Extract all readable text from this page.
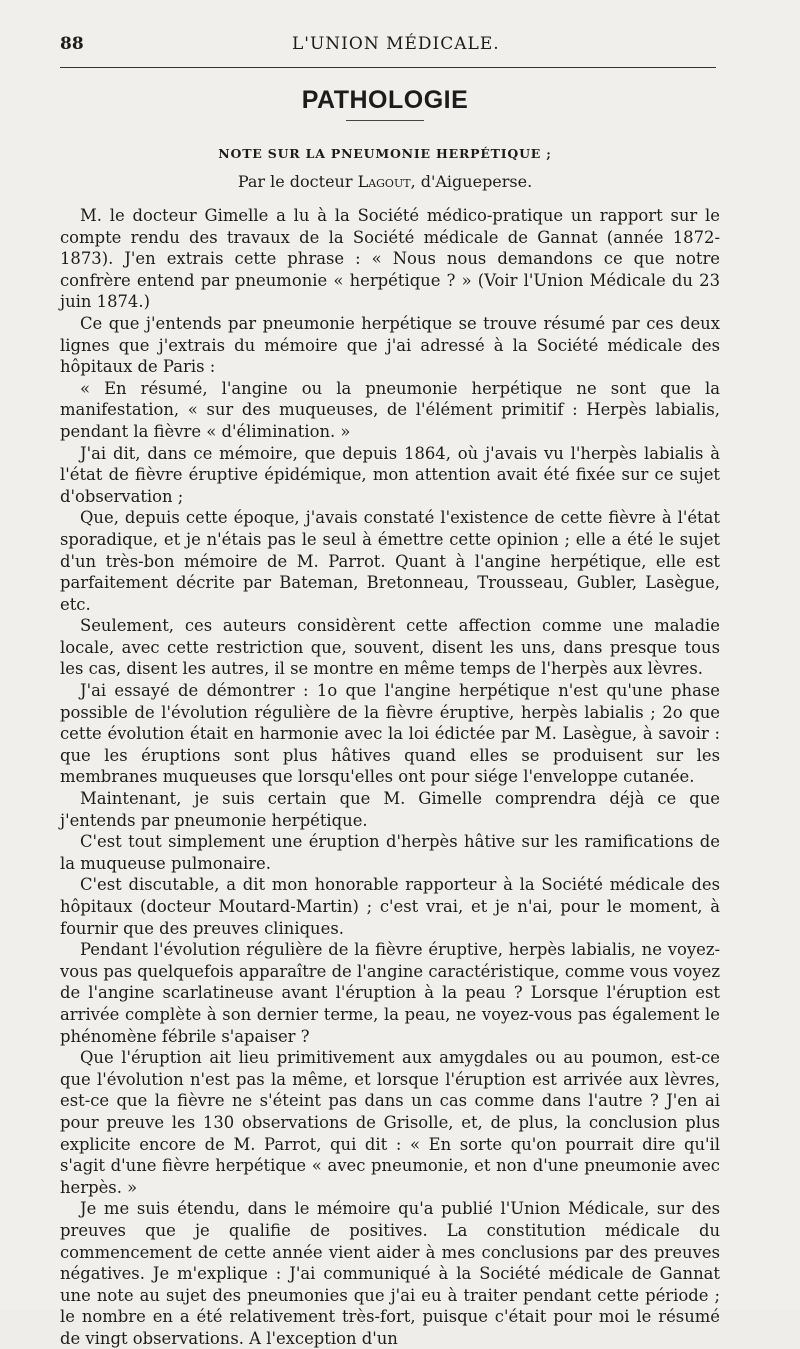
88	L'UNION MÉDICALE.
PATHOLOGIE
NOTE SUR LA PNEUMONIE HERPÉTIQUE ;
Par le docteur Lagout, d'Aigueperse.

M. le docteur Gimelle a lu à la Société médico-pratique un rapport sur le compte rendu des travaux de la Société médicale de Gannat (année 1872-1873). J'en extrais cette phrase : « Nous nous demandons ce que notre confrère entend par pneumonie « herpétique ? » (Voir l'Union Médicale du 23 juin 1874.)

Ce que j'entends par pneumonie herpétique se trouve résumé par ces deux lignes que j'extrais du mémoire que j'ai adressé à la Société médicale des hôpitaux de Paris :

« En résumé, l'angine ou la pneumonie herpétique ne sont que la manifestation, « sur des muqueuses, de l'élément primitif : Herpès labialis, pendant la fièvre « d'élimination. »

J'ai dit, dans ce mémoire, que depuis 1864, où j'avais vu l'herpès labialis à l'état de fièvre éruptive épidémique, mon attention avait été fixée sur ce sujet d'observation ;

Que, depuis cette époque, j'avais constaté l'existence de cette fièvre à l'état sporadique, et je n'étais pas le seul à émettre cette opinion ; elle a été le sujet d'un très-bon mémoire de M. Parrot. Quant à l'angine herpétique, elle est parfaitement décrite par Bateman, Bretonneau, Trousseau, Gubler, Lasègue, etc.

Seulement, ces auteurs considèrent cette affection comme une maladie locale, avec cette restriction que, souvent, disent les uns, dans presque tous les cas, disent les autres, il se montre en même temps de l'herpès aux lèvres.

J'ai essayé de démontrer : 1o que l'angine herpétique n'est qu'une phase possible de l'évolution régulière de la fièvre éruptive, herpès labialis ; 2o que cette évolution était en harmonie avec la loi édictée par M. Lasègue, à savoir : que les éruptions sont plus hâtives quand elles se produisent sur les membranes muqueuses que lorsqu'elles ont pour siége l'enveloppe cutanée.

Maintenant, je suis certain que M. Gimelle comprendra déjà ce que j'entends par pneumonie herpétique.

C'est tout simplement une éruption d'herpès hâtive sur les ramifications de la muqueuse pulmonaire.

C'est discutable, a dit mon honorable rapporteur à la Société médicale des hôpitaux (docteur Moutard-Martin) ; c'est vrai, et je n'ai, pour le moment, à fournir que des preuves cliniques.

Pendant l'évolution régulière de la fièvre éruptive, herpès labialis, ne voyez-vous pas quelquefois apparaître de l'angine caractéristique, comme vous voyez de l'angine scarlatineuse avant l'éruption à la peau ? Lorsque l'éruption est arrivée complète à son dernier terme, la peau, ne voyez-vous pas également le phénomène fébrile s'apaiser ?

Que l'éruption ait lieu primitivement aux amygdales ou au poumon, est-ce que l'évolution n'est pas la même, et lorsque l'éruption est arrivée aux lèvres, est-ce que la fièvre ne s'éteint pas dans un cas comme dans l'autre ? J'en ai pour preuve les 130 observations de Grisolle, et, de plus, la conclusion plus explicite encore de M. Parrot, qui dit : « En sorte qu'on pourrait dire qu'il s'agit d'une fièvre herpétique « avec pneumonie, et non d'une pneumonie avec herpès. »

Je me suis étendu, dans le mémoire qu'a publié l'Union Médicale, sur des preuves que je qualifie de positives. La constitution médicale du commencement de cette année vient aider à mes conclusions par des preuves négatives. Je m'explique : J'ai communiqué à la Société médicale de Gannat une note au sujet des pneumonies que j'ai eu à traiter pendant cette période ; le nombre en a été relativement très-fort, puisque c'était pour moi le résumé de vingt observations. A l'exception d'un
